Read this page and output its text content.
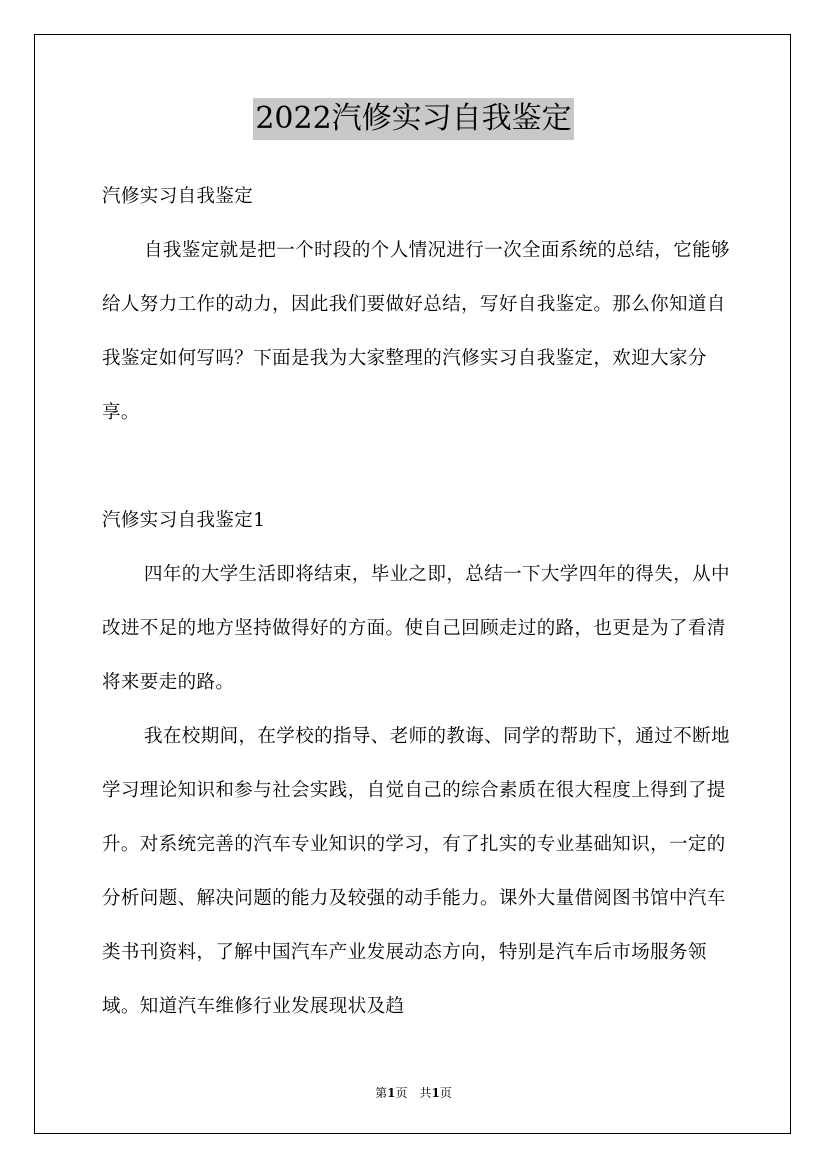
2022汽修实习自我鉴定

汽修实习自我鉴定

自我鉴定就是把一个时段的个人情况进行一次全面系统的总结，它能够给人努力工作的动力，因此我们要做好总结，写好自我鉴定。那么你知道自我鉴定如何写吗？下面是我为大家整理的汽修实习自我鉴定，欢迎大家分享。

汽修实习自我鉴定1

四年的大学生活即将结束，毕业之即，总结一下大学四年的得失，从中改进不足的地方坚持做得好的方面。使自己回顾走过的路，也更是为了看清将来要走的路。

我在校期间，在学校的指导、老师的教诲、同学的帮助下，通过不断地学习理论知识和参与社会实践，自觉自己的综合素质在很大程度上得到了提升。对系统完善的汽车专业知识的学习，有了扎实的专业基础知识，一定的分析问题、解决问题的能力及较强的动手能力。课外大量借阅图书馆中汽车类书刊资料，了解中国汽车产业发展动态方向，特别是汽车后市场服务领域。知道汽车维修行业发展现状及趋

第1页　共1页
